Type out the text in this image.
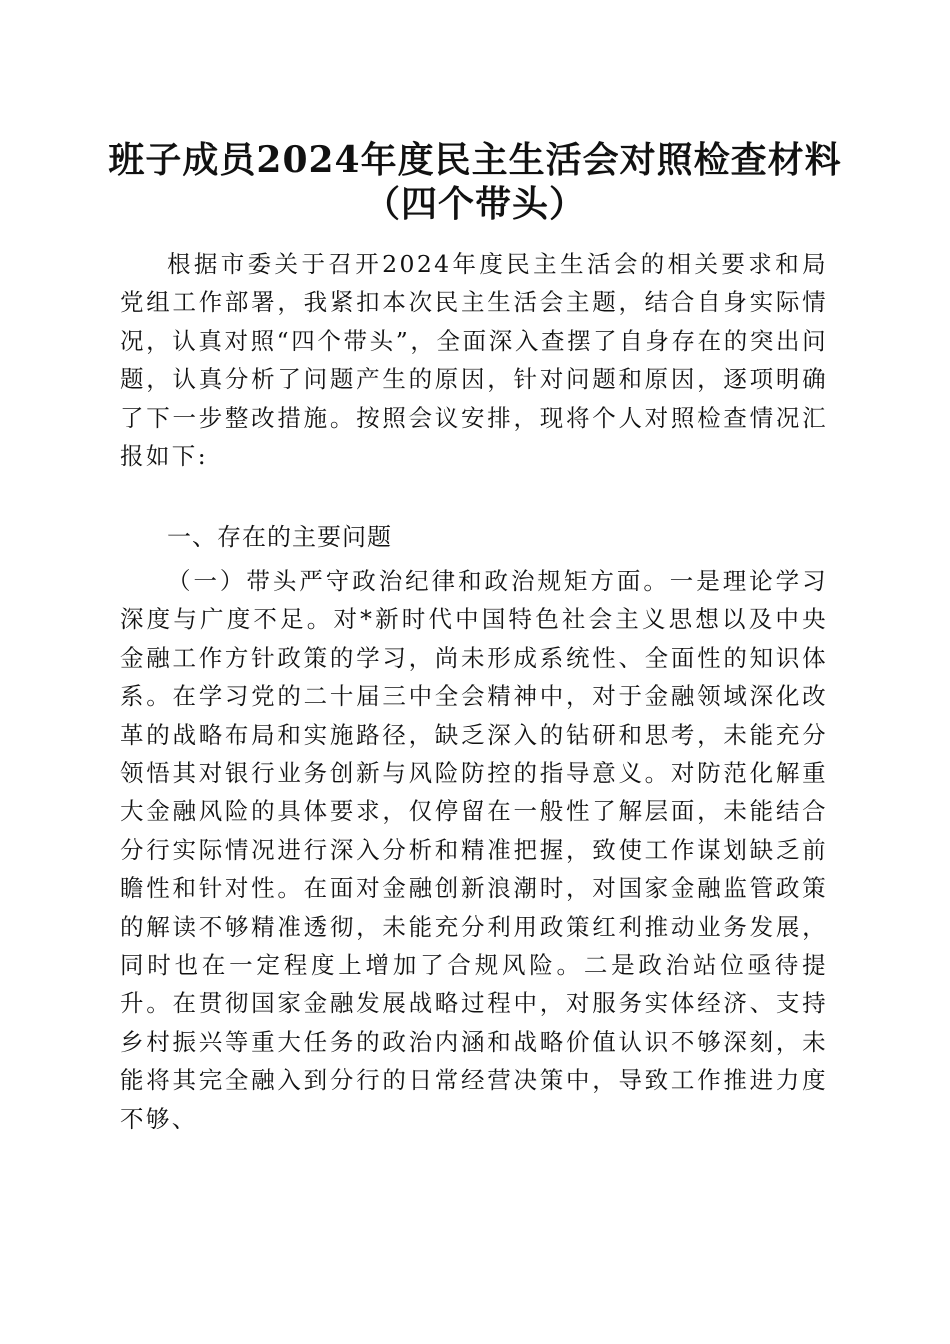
班子成员2024年度民主生活会对照检查材料
（四个带头）

根据市委关于召开2024年度民主生活会的相关要求和局党组工作部署，我紧扣本次民主生活会主题，结合自身实际情况，认真对照“四个带头”，全面深入查摆了自身存在的突出问题，认真分析了问题产生的原因，针对问题和原因，逐项明确了下一步整改措施。按照会议安排，现将个人对照检查情况汇报如下:

一、存在的主要问题

（一）带头严守政治纪律和政治规矩方面。一是理论学习深度与广度不足。对*新时代中国特色社会主义思想以及中央金融工作方针政策的学习，尚未形成系统性、全面性的知识体系。在学习党的二十届三中全会精神中，对于金融领域深化改革的战略布局和实施路径，缺乏深入的钻研和思考，未能充分领悟其对银行业务创新与风险防控的指导意义。对防范化解重大金融风险的具体要求，仅停留在一般性了解层面，未能结合分行实际情况进行深入分析和精准把握，致使工作谋划缺乏前瞻性和针对性。在面对金融创新浪潮时，对国家金融监管政策的解读不够精准透彻，未能充分利用政策红利推动业务发展，同时也在一定程度上增加了合规风险。二是政治站位亟待提升。在贯彻国家金融发展战略过程中，对服务实体经济、支持乡村振兴等重大任务的政治内涵和战略价值认识不够深刻，未能将其完全融入到分行的日常经营决策中，导致工作推进力度不够、
